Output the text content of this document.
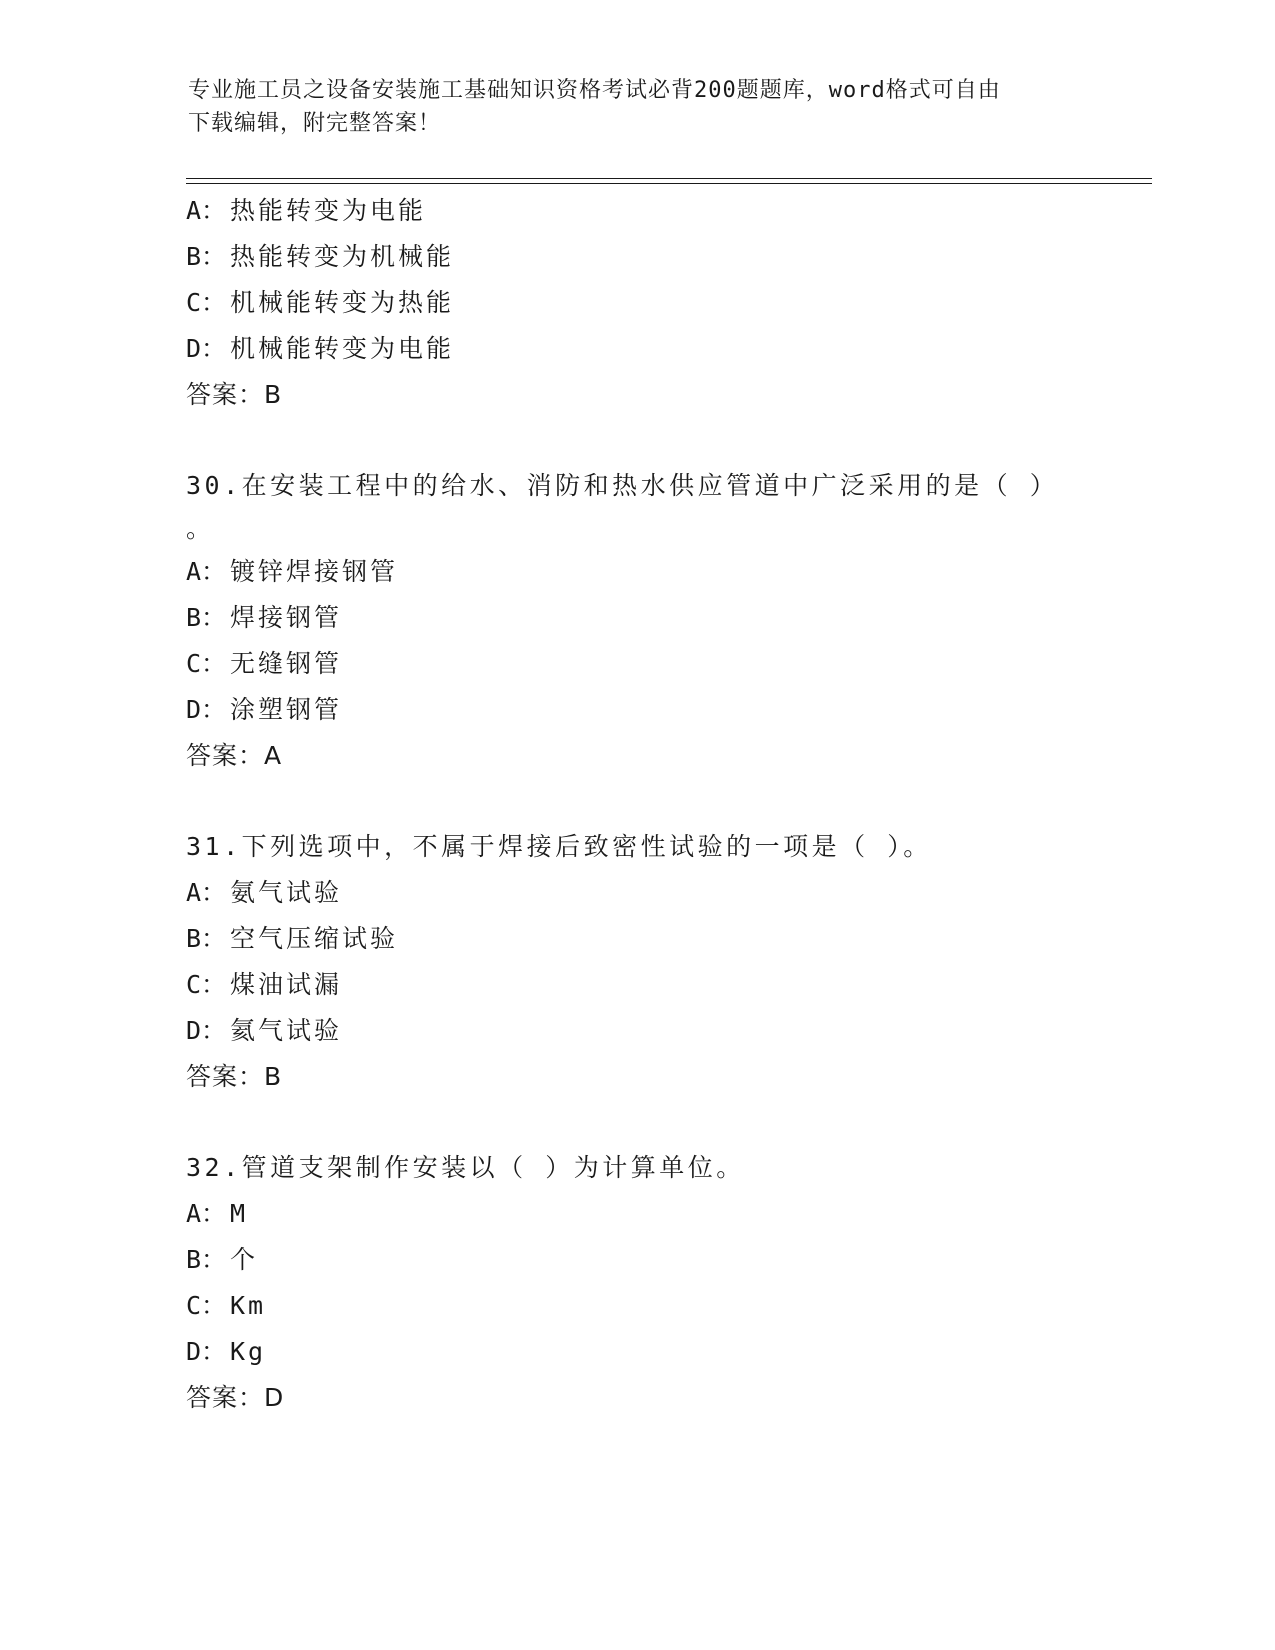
专业施工员之设备安装施工基础知识资格考试必背200题题库，word格式可自由
下载编辑，附完整答案！
A： 热能转变为电能
B： 热能转变为机械能
C： 机械能转变为热能
D： 机械能转变为电能
答案：B
30.在安装工程中的给水、消防和热水供应管道中广泛采用的是（ ）
。
A： 镀锌焊接钢管
B： 焊接钢管
C： 无缝钢管
D： 涂塑钢管
答案：A
31.下列选项中，不属于焊接后致密性试验的一项是（ ）。
A： 氨气试验
B： 空气压缩试验
C： 煤油试漏
D： 氦气试验
答案：B
32.管道支架制作安装以（ ）为计算单位。
A： M
B： 个
C： Km
D： Kg
答案：D
